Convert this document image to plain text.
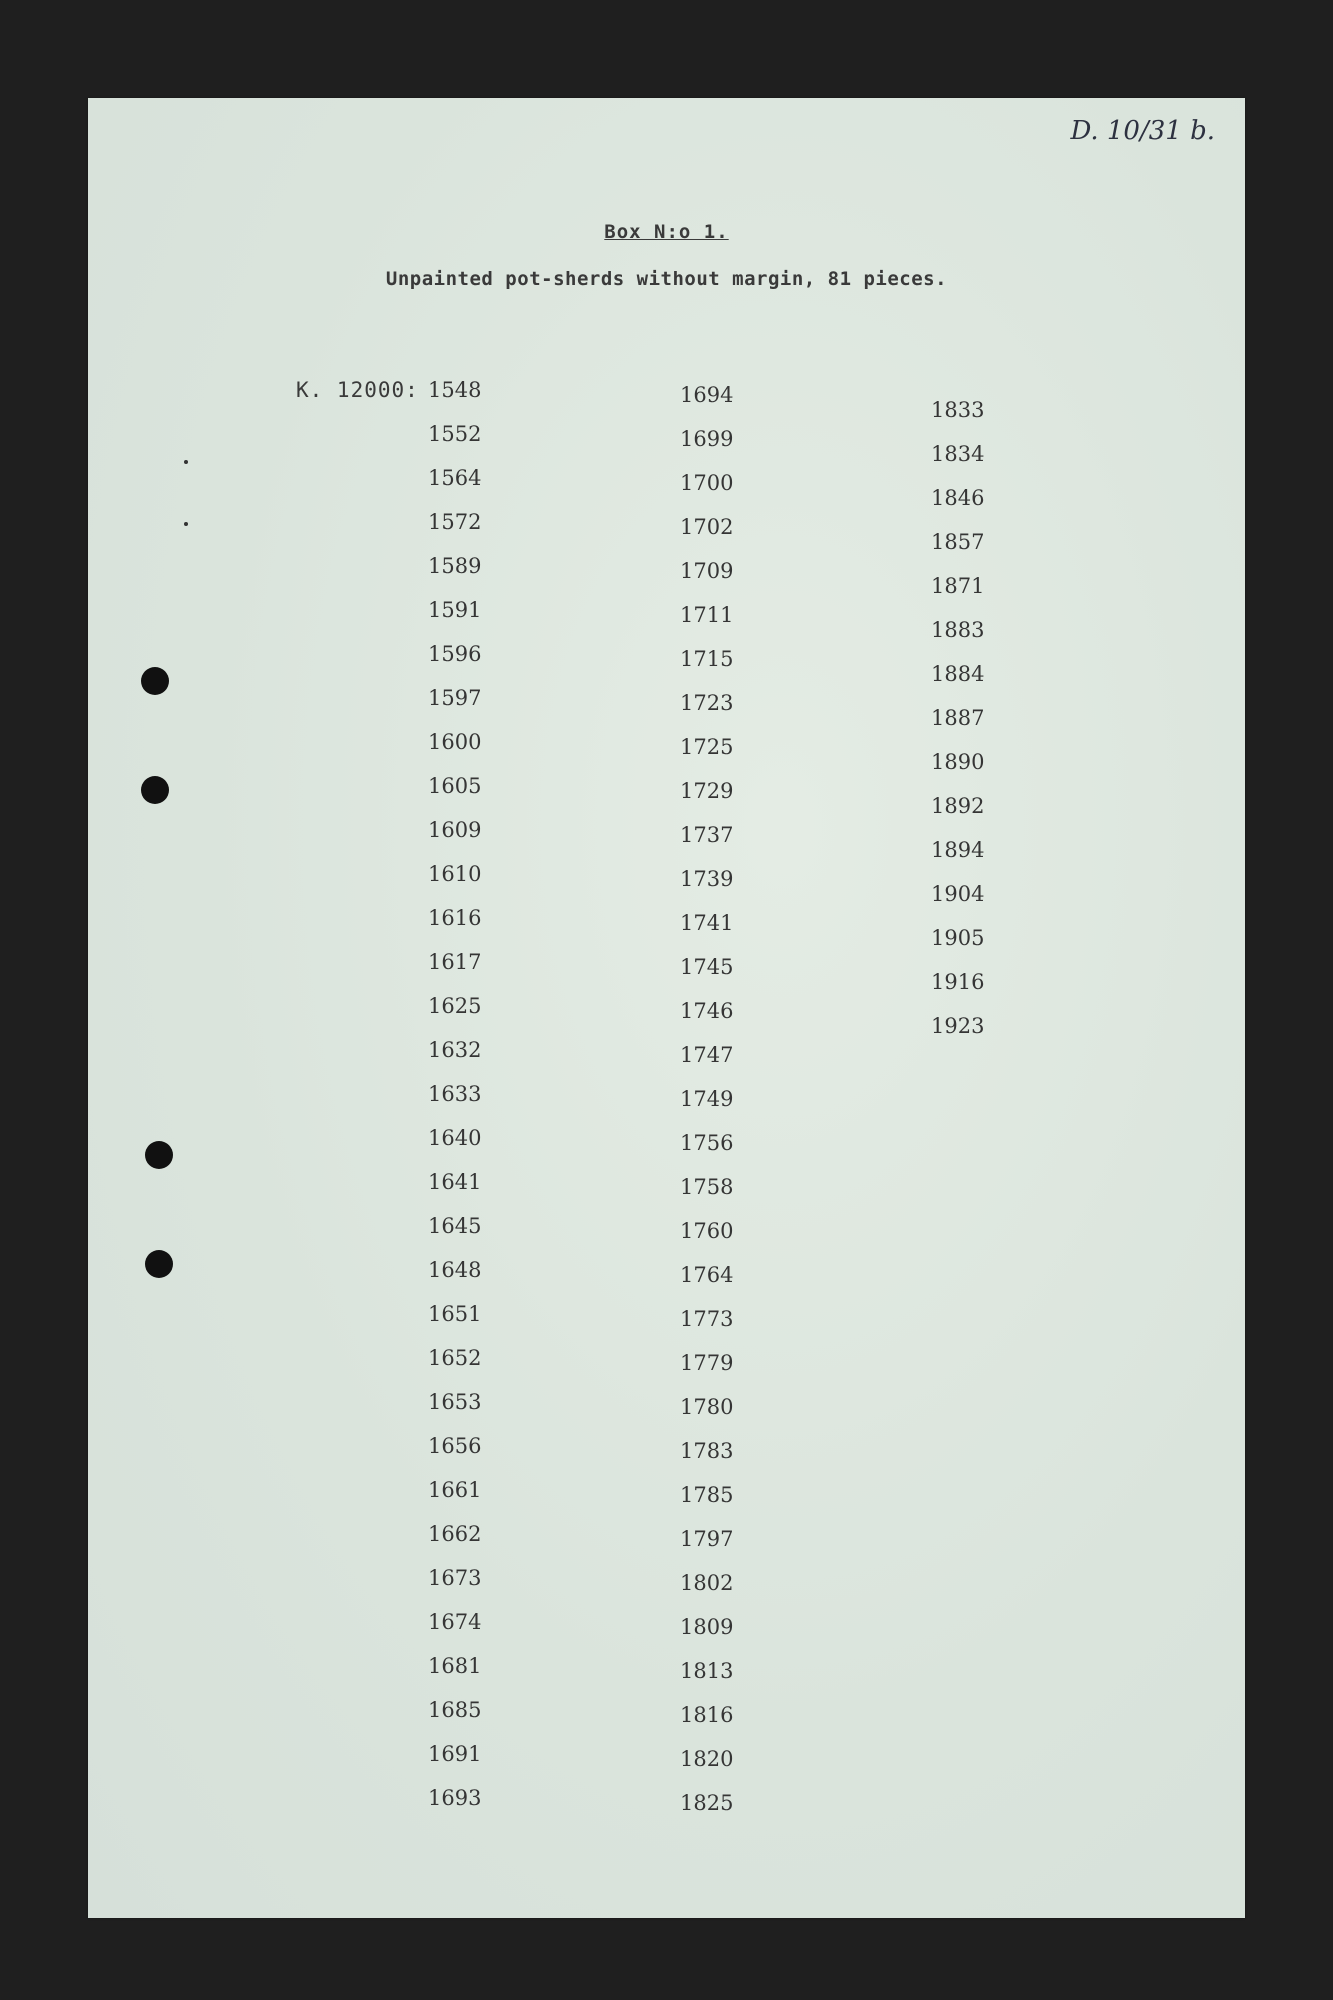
D. 10/31 b.
Box N:o 1.
Unpainted pot-sherds without margin, 81 pieces.
K. 12000: 1548
1552
1564
1572
1589
1591
1596
1597
1600
1605
1609
1610
1616
1617
1625
1632
1633
1640
1641
1645
1648
1651
1652
1653
1656
1661
1662
1673
1674
1681
1685
1691
1693
1694
1699
1700
1702
1709
1711
1715
1723
1725
1729
1737
1739
1741
1745
1746
1747
1749
1756
1758
1760
1764
1773
1779
1780
1783
1785
1797
1802
1809
1813
1816
1820
1825
1833
1834
1846
1857
1871
1883
1884
1887
1890
1892
1894
1904
1905
1916
1923
